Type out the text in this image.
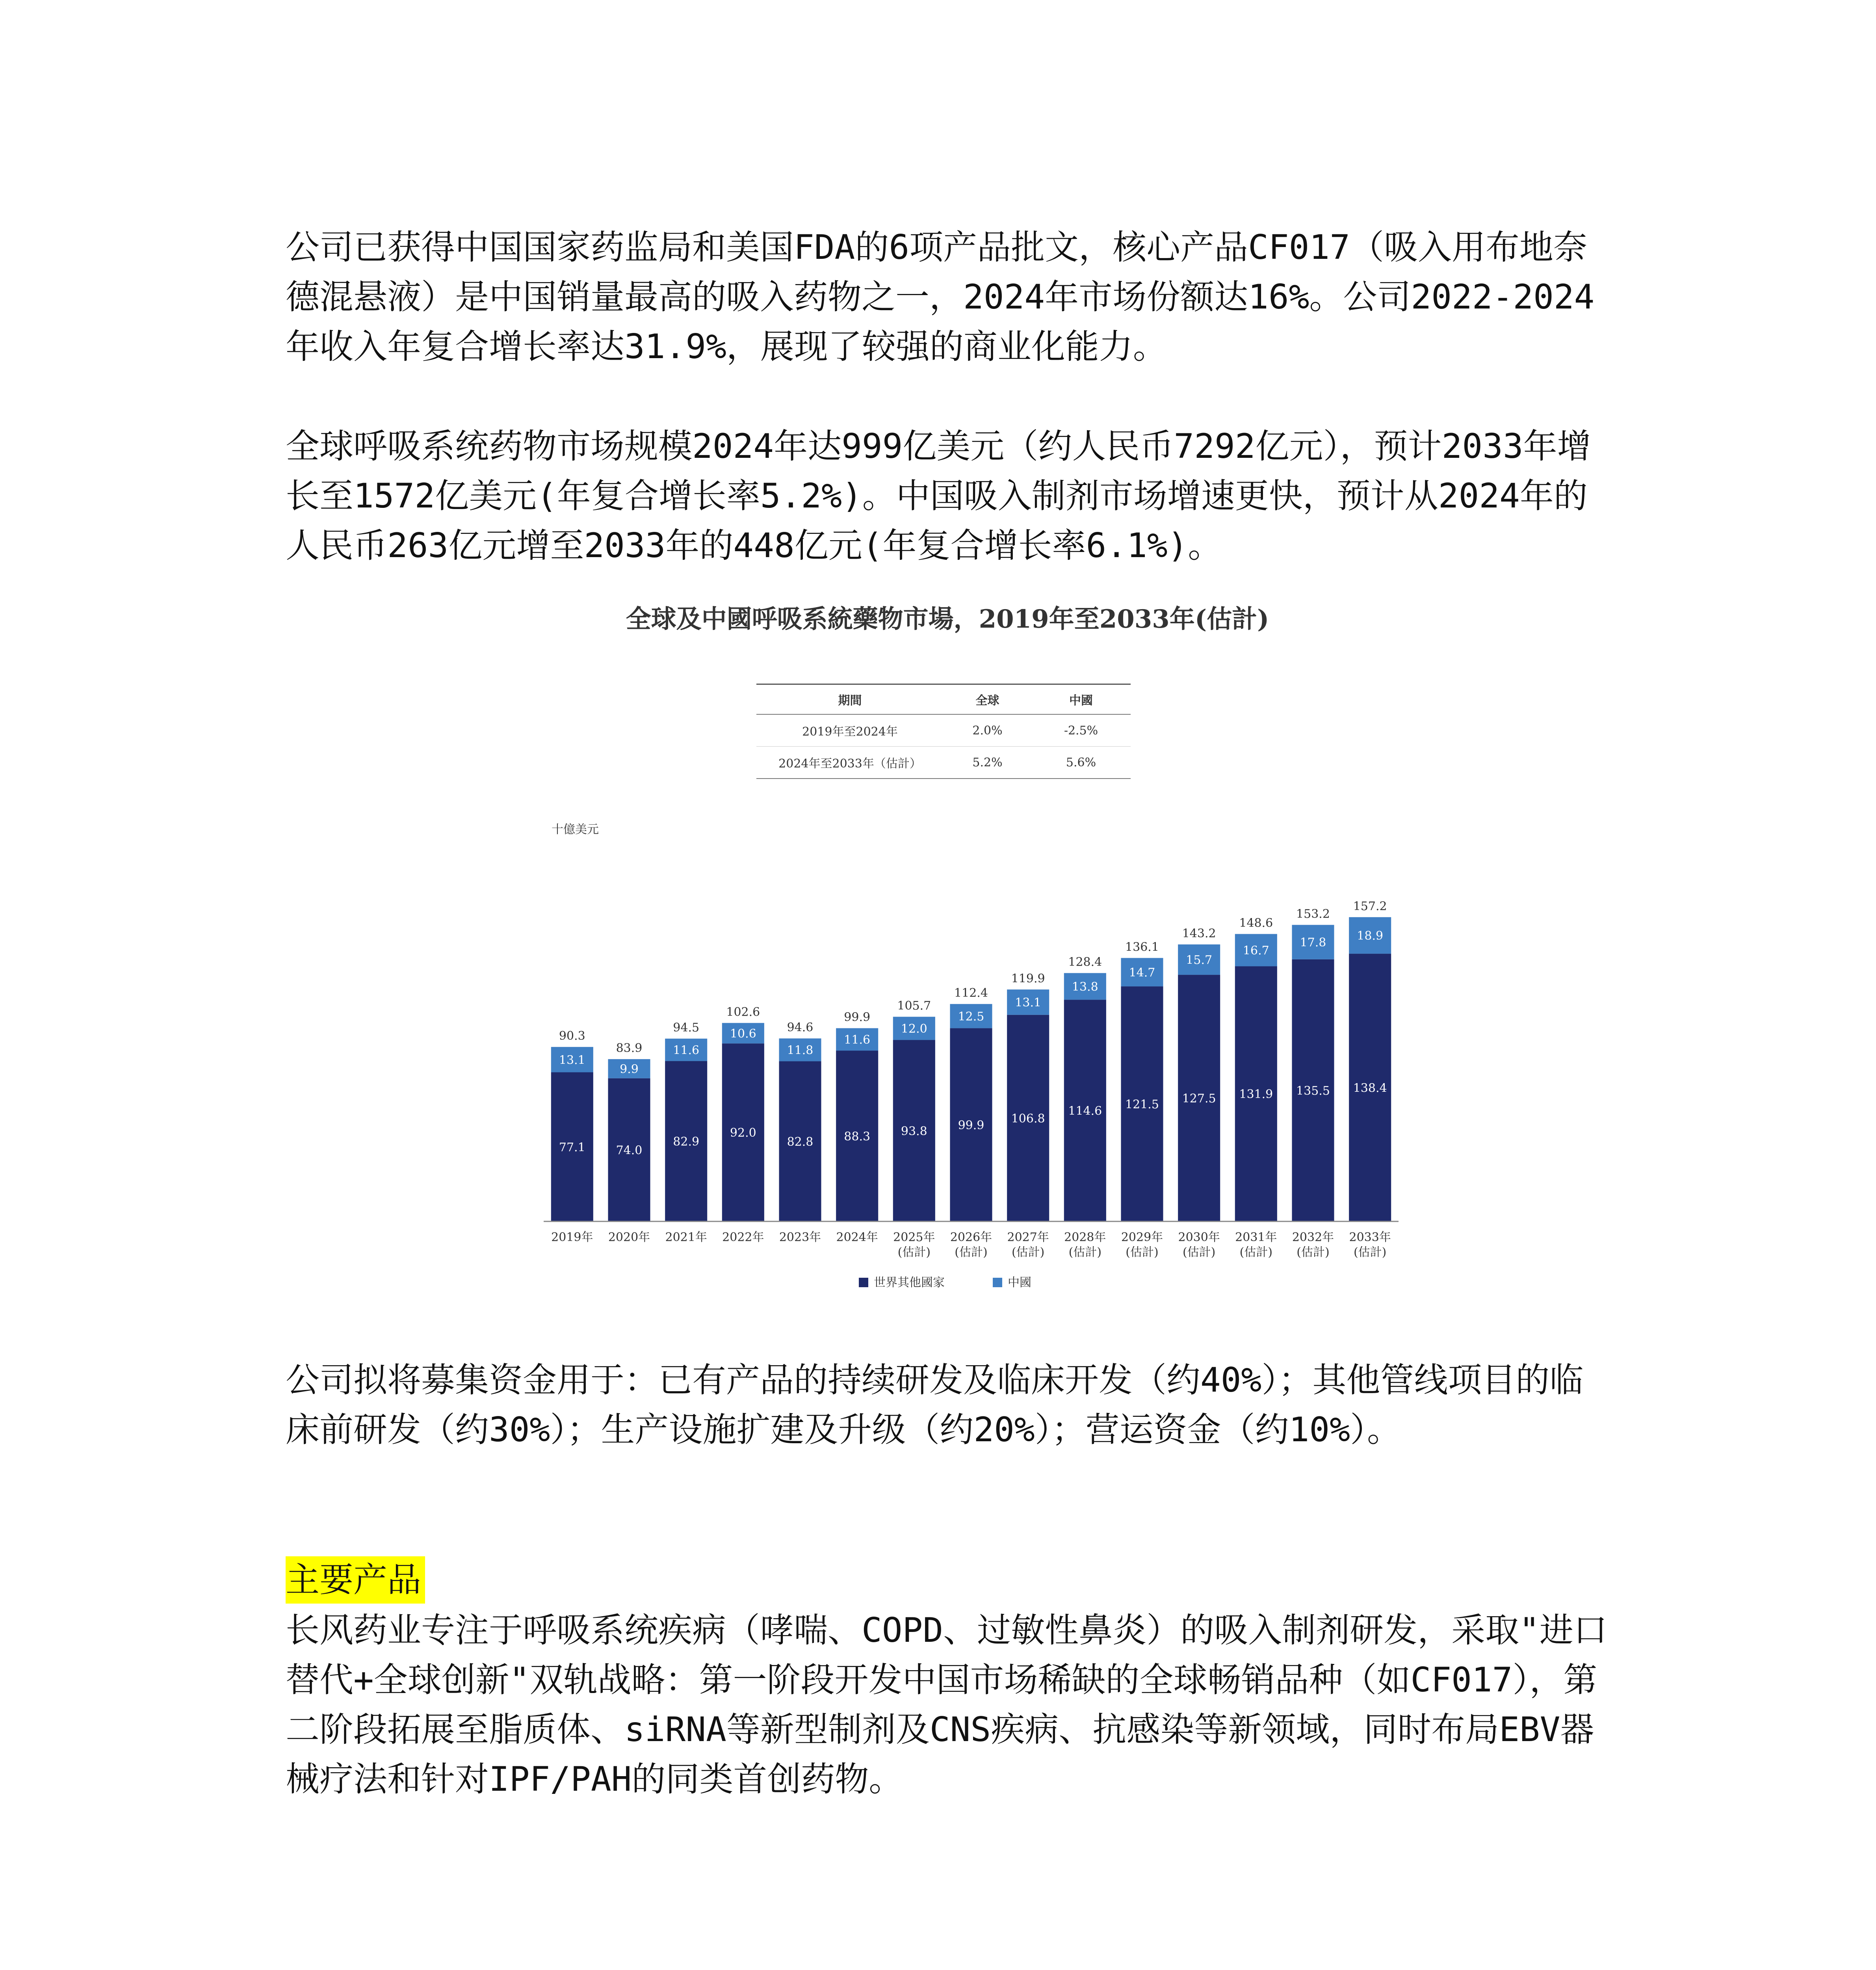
公司已获得中国国家药监局和美国FDA的6项产品批文，核心产品CF017（吸入用布地奈德混悬液）是中国销量最高的吸入药物之一，2024年市场份额达16%。公司2022-2024年收入年复合增长率达31.9%，展现了较强的商业化能力。

全球呼吸系统药物市场规模2024年达999亿美元（约人民币7292亿元），预计2033年增长至1572亿美元(年复合增长率5.2%)。中国吸入制剂市场增速更快，预计从2024年的人民币263亿元增至2033年的448亿元(年复合增长率6.1%)。

全球及中國呼吸系統藥物市場，2019年至2033年(估計)
期間	全球	中國
2019年至2024年	2.0%	-2.5%
2024年至2033年（估計）	5.2%	5.6%
十億美元
77.1
13.1
90.3
2019年
74.0
9.9
83.9
2020年
82.9
11.6
94.5
2021年
92.0
10.6
102.6
2022年
82.8
11.8
94.6
2023年
88.3
11.6
99.9
2024年
93.8
12.0
105.7
2025年
(估計)
99.9
12.5
112.4
2026年
(估計)
106.8
13.1
119.9
2027年
(估計)
114.6
13.8
128.4
2028年
(估計)
121.5
14.7
136.1
2029年
(估計)
127.5
15.7
143.2
2030年
(估計)
131.9
16.7
148.6
2031年
(估計)
135.5
17.8
153.2
2032年
(估計)
138.4
18.9
157.2
2033年
(估計)
世界其他國家	中國

公司拟将募集资金用于：已有产品的持续研发及临床开发（约40%）；其他管线项目的临床前研发（约30%）；生产设施扩建及升级（约20%）；营运资金（约10%）。

主要产品

长风药业专注于呼吸系统疾病（哮喘、COPD、过敏性鼻炎）的吸入制剂研发，采取"进口替代+全球创新"双轨战略：第一阶段开发中国市场稀缺的全球畅销品种（如CF017），第二阶段拓展至脂质体、siRNA等新型制剂及CNS疾病、抗感染等新领域，同时布局EBV器械疗法和针对IPF/PAH的同类首创药物。
